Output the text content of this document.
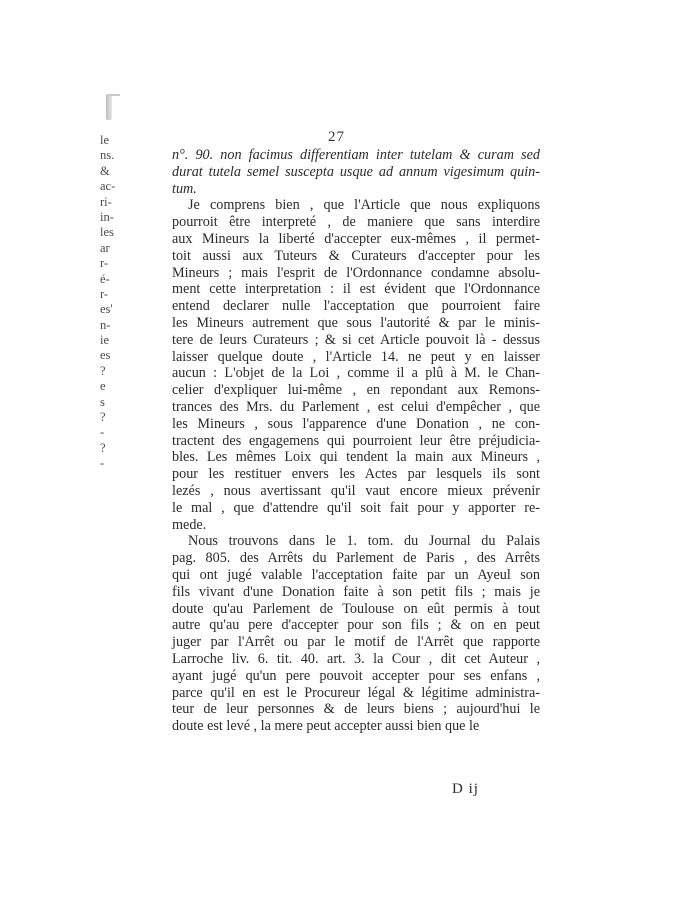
le
ns.
&
ac-
ri-
in-
les
ar
r-
é-
r-
es'
n-
ie
es
?
e
s
?
-
?
-
27
n°. 90. non facimus differentiam inter tutelam & curam sed
durat tutela semel suscepta usque ad annum vigesimum quin-
tum.
Je comprens bien , que l'Article que nous expliquons
pourroit être interpreté , de maniere que sans interdire
aux Mineurs la liberté d'accepter eux-mêmes , il permet-
toit aussi aux Tuteurs & Curateurs d'accepter pour les
Mineurs ; mais l'esprit de l'Ordonnance condamne absolu-
ment cette interpretation : il est évident que l'Ordonnance
entend declarer nulle l'acceptation que pourroient faire
les Mineurs autrement que sous l'autorité & par le minis-
tere de leurs Curateurs ; & si cet Article pouvoit là - dessus
laisser quelque doute , l'Article 14. ne peut y en laisser
aucun : L'objet de la Loi , comme il a plû à M. le Chan-
celier d'expliquer lui-même , en repondant aux Remons-
trances des Mrs. du Parlement , est celui d'empêcher , que
les Mineurs , sous l'apparence d'une Donation , ne con-
tractent des engagemens qui pourroient leur être préjudicia-
bles. Les mêmes Loix qui tendent la main aux Mineurs ,
pour les restituer envers les Actes par lesquels ils sont
lezés , nous avertissant qu'il vaut encore mieux prévenir
le mal , que d'attendre qu'il soit fait pour y apporter re-
mede.
Nous trouvons dans le 1. tom. du Journal du Palais
pag. 805. des Arrêts du Parlement de Paris , des Arrêts
qui ont jugé valable l'acceptation faite par un Ayeul son
fils vivant d'une Donation faite à son petit fils ; mais je
doute qu'au Parlement de Toulouse on eût permis à tout
autre qu'au pere d'accepter pour son fils ; & on en peut
juger par l'Arrêt ou par le motif de l'Arrêt que rapporte
Larroche liv. 6. tit. 40. art. 3. la Cour , dit cet Auteur ,
ayant jugé qu'un pere pouvoit accepter pour ses enfans ,
parce qu'il en est le Procureur légal & légitime administra-
teur de leur personnes & de leurs biens ; aujourd'hui le
doute est levé , la mere peut accepter aussi bien que le
D ij
